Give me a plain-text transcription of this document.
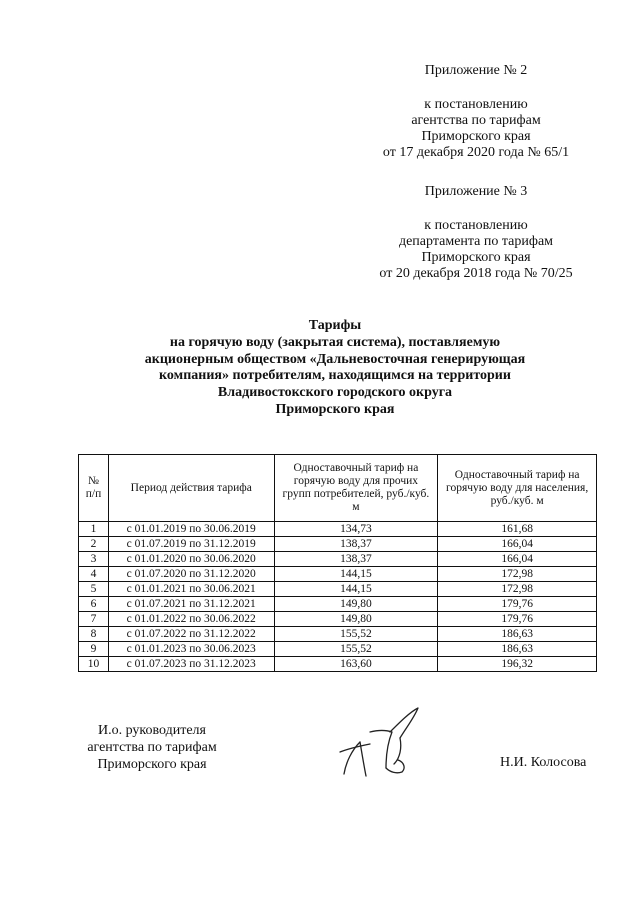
Приложение № 2
к постановлению
агентства по тарифам
Приморского края
от 17 декабря 2020 года № 65/1
Приложение № 3
к постановлению
департамента по тарифам
Приморского края
от 20 декабря 2018 года № 70/25
Тарифы
на горячую воду (закрытая система), поставляемую
акционерным обществом «Дальневосточная генерирующая
компания» потребителям, находящимся на территории
Владивостокского городского округа
Приморского края
№ п/п	Период действия тарифа	Одноставочный тариф на горячую воду для прочих групп потребителей, руб./куб. м	Одноставочный тариф на горячую воду для населения, руб./куб. м
1	с 01.01.2019 по 30.06.2019	134,73	161,68
2	с 01.07.2019 по 31.12.2019	138,37	166,04
3	с 01.01.2020 по 30.06.2020	138,37	166,04
4	с 01.07.2020 по 31.12.2020	144,15	172,98
5	с 01.01.2021 по 30.06.2021	144,15	172,98
6	с 01.07.2021 по 31.12.2021	149,80	179,76
7	с 01.01.2022 по 30.06.2022	149,80	179,76
8	с 01.07.2022 по 31.12.2022	155,52	186,63
9	с 01.01.2023 по 30.06.2023	155,52	186,63
10	с 01.07.2023 по 31.12.2023	163,60	196,32
И.о. руководителя
агентства по тарифам
Приморского края	Н.И. Колосова
